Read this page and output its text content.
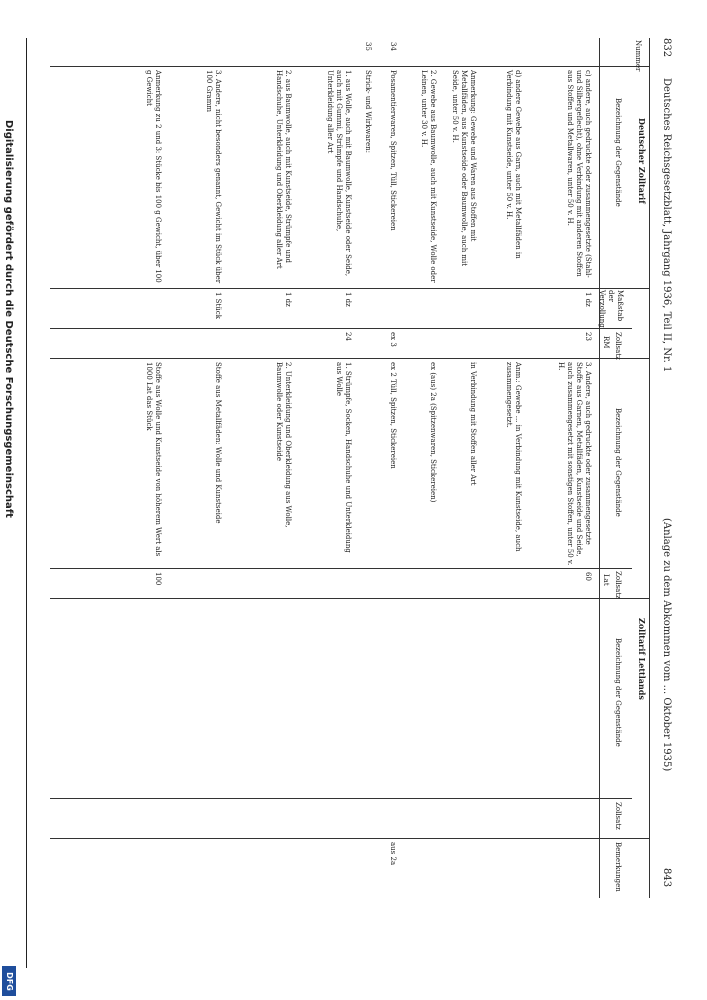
832
Deutsches Reichsgesetzblatt, Jahrgang 1936, Teil II, Nr. 1
(Anlage zu dem Abkommen vom ... Oktober 1935)
843
Nummer
Deutscher Zolltarif
Bezeichnung der Gegenstände
Maßstab der Verzollung
Zollsatz
RM
Zolltarif Lettlands
Bezeichnung der Gegenstände
Zollsatz
Lat
Bezeichnung der Gegenstände
Zollsatz
Bemerkungen
c) andere, auch gedruckte oder zusammengesetzte (Stahl- und Silbergeflecht), ohne Verbindung mit anderen Stoffen aus Stoffen und Metallwaren, unter 50 v. H.
1 dz
23
3. Andere, auch gedruckte oder zusammengesetzte Stoffe aus Garnen, Metallfäden, Kunstseide und Seide, auch zusammengesetzt mit sonstigen Stoffen, unter 50 v. H.
60
d) andere Gewebe aus Garn, auch mit Metallfäden in Verbindung mit Kunstseide, unter 50 v. H.
Anm.: Gewebe ... in Verbindung mit Kunstseide, auch zusammengesetzt.
Anmerkung: Gewebe und Waren aus Stoffen mit Metallfäden, aus Kunstseide oder Baumwolle, auch mit Seide, unter 50 v. H.
in Verbindung mit Stoffen aller Art
2. Gewebe aus Baumwolle, auch mit Kunstseide, Wolle oder Leinen, unter 30 v. H.
ex (aus) 2a (Spitzenwaren, Stickereien)
34
Posamentierwaren, Spitzen, Tüll, Stickereien
ex 3
ex 2 Tüll, Spitzen, Stickereien
aus 2a
35
Strick- und Wirkwaren:
1. aus Wolle, auch mit Baumwolle, Kunstseide oder Seide, auch mit Gummi, Strümpfe und Handschuhe, Unterkleidung aller Art
1 dz
24
1. Strümpfe, Socken, Handschuhe und Unterkleidung aus Wolle
2. aus Baumwolle, auch mit Kunstseide, Strümpfe und Handschuhe, Unterkleidung und Oberkleidung aller Art
1 dz
2. Unterkleidung und Oberkleidung aus Wolle, Baumwolle oder Kunstseide
3. Andere, nicht besonders genannt, Gewicht im Stück über 100 Gramm
1 Stück
Stoffe aus Metallfäden: Wolle und Kunstseide
Anmerkung zu 2 und 3: Stücke bis 100 g Gewicht, über 100 g Gewicht
Stoffe aus Wolle und Kunstseide von höherem Wert als 1000 Lat das Stück
100
Digitalisierung gefördert durch die Deutsche Forschungsgemeinschaft
DFG
